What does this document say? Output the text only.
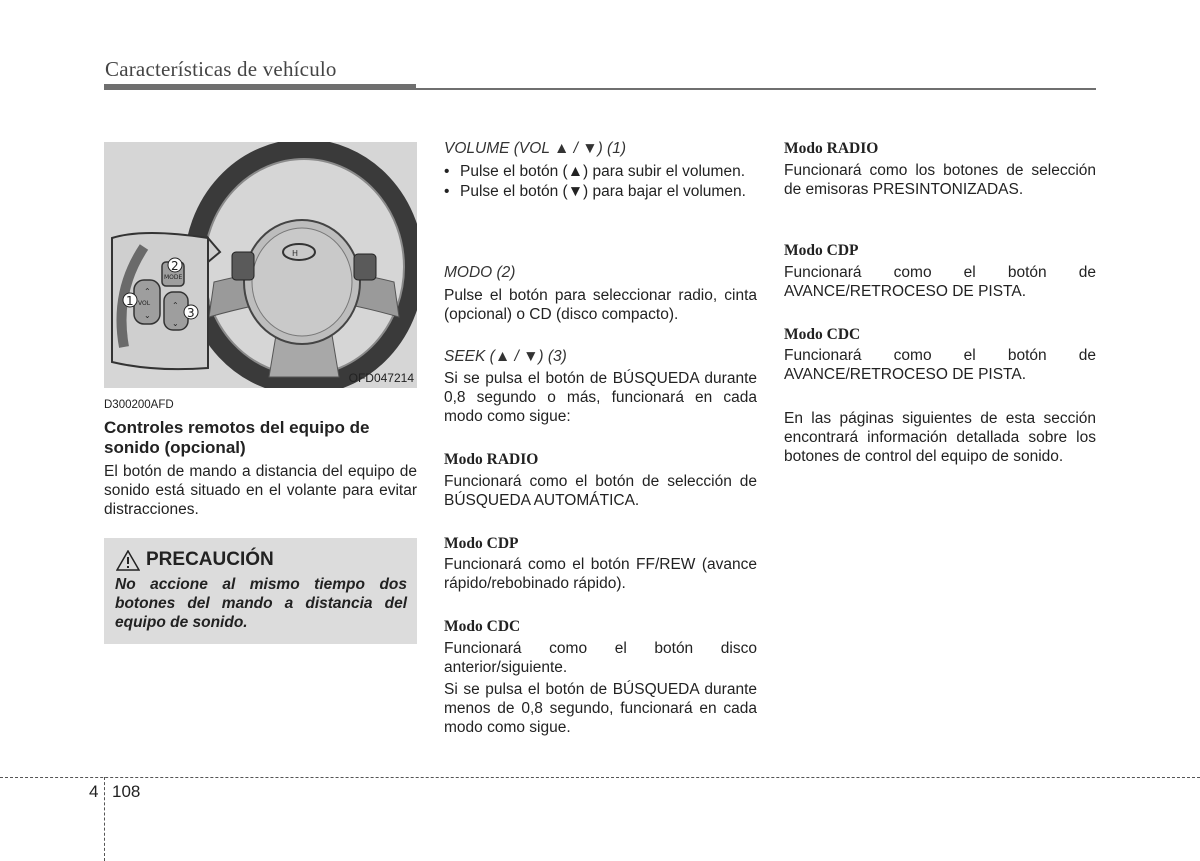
Características de vehículo
H
VOL
MODE
⌃
⌄
⌃
⌄
1
2
3
OFD047214
D300200AFD
Controles remotos del equipo de sonido (opcional)

El botón de mando a distancia del equipo de sonido está situado en el volante para evitar distracciones.

PRECAUCIÓN
No accione al mismo tiempo dos botones del mando a distancia del equipo de sonido.
VOLUME (VOL ▲ / ▼) (1)
• Pulse el botón (▲) para subir el volumen.
• Pulse el botón (▼) para bajar el volumen.
MODO (2)

Pulse el botón para seleccionar radio, cinta (opcional) o CD (disco compacto).

SEEK (▲ / ▼) (3)

Si se pulsa el botón de BÚSQUEDA durante 0,8 segundo o más, funcionará en cada modo como sigue:

Modo RADIO

Funcionará como el botón de selección de BÚSQUEDA AUTOMÁTICA.

Modo CDP

Funcionará como el botón FF/REW (avance rápido/rebobinado rápido).

Modo CDC

Funcionará como el botón disco anterior/siguiente.

Si se pulsa el botón de BÚSQUEDA durante menos de 0,8 segundo, funcionará en cada modo como sigue.

Modo RADIO

Funcionará como los botones de selección de emisoras PRESINTONIZADAS.

Modo CDP

Funcionará como el botón de AVANCE/RETROCESO DE PISTA.

Modo CDC

Funcionará como el botón de AVANCE/RETROCESO DE PISTA.

En las páginas siguientes de esta sección encontrará información detallada sobre los botones de control del equipo de sonido.

4 108
